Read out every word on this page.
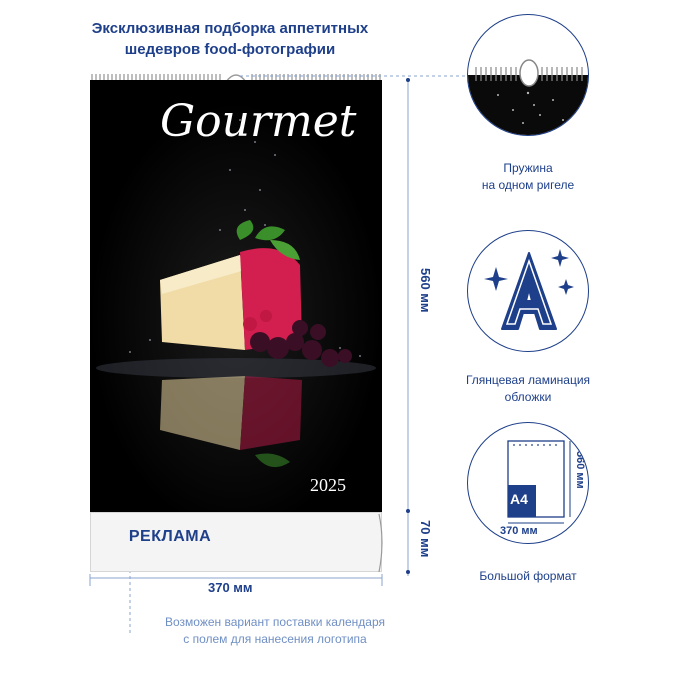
Эксклюзивная подборка аппетитных
шедевров food-фотографии
Gourmet
2025
РЕКЛАМА
560 мм
70 мм
370 мм
Пружина
на одном ригеле
Глянцевая ламинация
обложки
A4
370 мм
560 мм
Большой формат
Возможен вариант поставки календаря
с полем для нанесения логотипа
